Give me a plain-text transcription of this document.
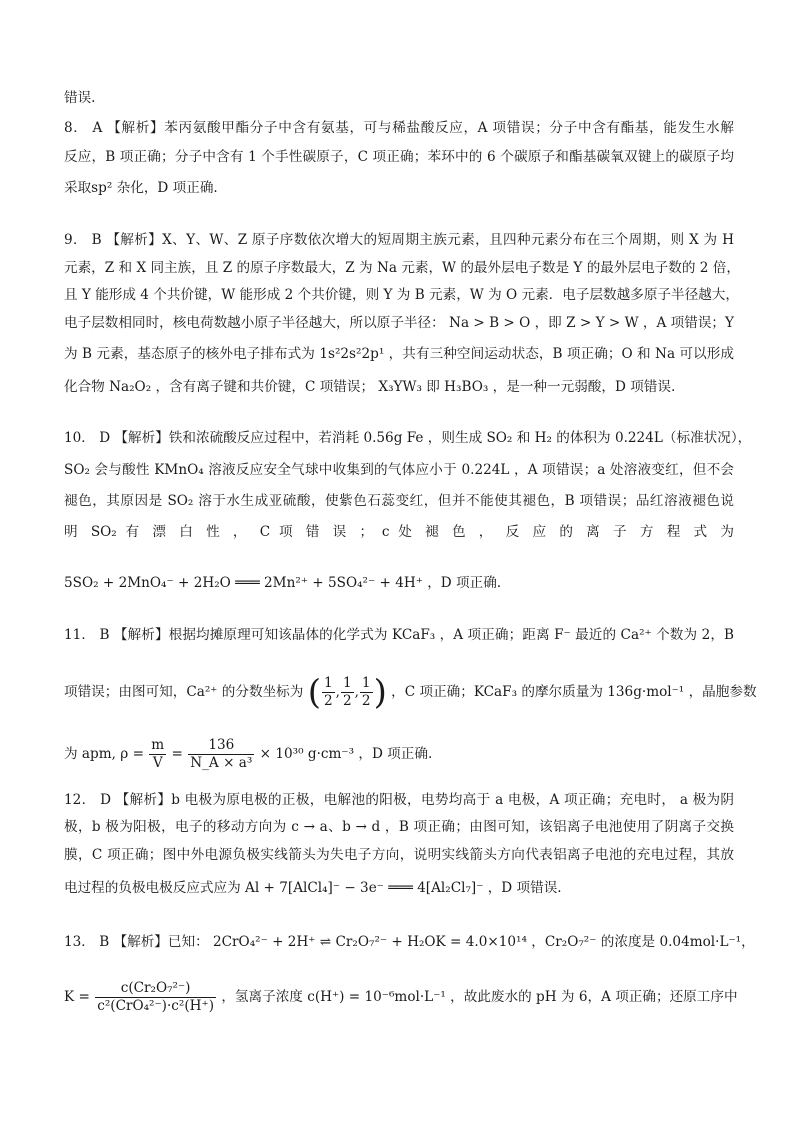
错误.
8． A 【解析】苯丙氨酸甲酯分子中含有氨基，可与稀盐酸反应，A 项错误；分子中含有酯基，能发生水解
反应，B 项正确；分子中含有 1 个手性碳原子，C 项正确；苯环中的 6 个碳原子和酯基碳氧双键上的碳原子均
采取sp² 杂化，D 项正确.
9． B 【解析】X、Y、W、Z 原子序数依次增大的短周期主族元素，且四种元素分布在三个周期，则 X 为 H
元素，Z 和 X 同主族，且 Z 的原子序数最大，Z 为 Na 元素，W 的最外层电子数是 Y 的最外层电子数的 2 倍，
且 Y 能形成 4 个共价键，W 能形成 2 个共价键，则 Y 为 B 元素，W 为 O 元素．电子层数越多原子半径越大，
电子层数相同时，核电荷数越小原子半径越大，所以原子半径： Na > B > O ，即 Z > Y > W ，A 项错误；Y
为 B 元素，基态原子的核外电子排布式为 1s²2s²2p¹ ，共有三种空间运动状态，B 项正确；O 和 Na 可以形成
化合物 Na₂O₂ ，含有离子键和共价键，C 项错误； X₃YW₃ 即 H₃BO₃ ，是一种一元弱酸，D 项错误.
10． D 【解析】铁和浓硫酸反应过程中，若消耗 0.56g Fe ，则生成 SO₂ 和 H₂ 的体积为 0.224L（标准状况），
SO₂ 会与酸性 KMnO₄ 溶液反应安全气球中收集到的气体应小于 0.224L ，A 项错误；a 处溶液变红，但不会
褪色，其原因是 SO₂ 溶于水生成亚硫酸，使紫色石蕊变红，但并不能使其褪色，B 项错误；品红溶液褪色说
明 SO₂ 有 漂 白 性 ， C 项 错 误 ； c 处 褪 色 ， 反 应 的 离 子 方 程 式 为
5SO₂ + 2MnO₄⁻ + 2H₂O ═══ 2Mn²⁺ + 5SO₄²⁻ + 4H⁺ ，D 项正确.
11． B 【解析】根据均摊原理可知该晶体的化学式为 KCaF₃ ，A 项正确；距离 F⁻ 最近的 Ca²⁺ 个数为 2，B
项错误；由图可知，Ca²⁺ 的分数坐标为 ( $\frac{1}{2}$ , $\frac{1}{2}$ , $\frac{1}{2}$ ) ，C 项正确；KCaF₃ 的摩尔质量为 136g·mol⁻¹ ，晶胞参数
为 apm, $\rho = \frac{m}{V} = \frac{136}{\text{N\_A × a³}} \times 10^{30}$ g·cm⁻³ ，D 项正确.
12． D 【解析】b 电极为原电极的正极，电解池的阳极，电势均高于 a 电极，A 项正确；充电时， a 极为阴
极，b 极为阳极，电子的移动方向为 c → a、b → d ，B 项正确；由图可知，该铝离子电池使用了阴离子交换
膜，C 项正确；图中外电源负极实线箭头为失电子方向，说明实线箭头方向代表铝离子电池的充电过程，其放
电过程的负极电极反应式应为 Al + 7[AlCl₄]⁻ − 3e⁻ ═══ 4[Al₂Cl₇]⁻ ，D 项错误.
13． B 【解析】已知： 2CrO₄²⁻ + 2H⁺ ⇌ Cr₂O₇²⁻ + H₂OK = 4.0×10¹⁴ ，Cr₂O₇²⁻ 的浓度是 0.04mol·L⁻¹，
$K = \frac{\text{c(Cr₂O₇²⁻)}}{\text{c²(CrO₄²⁻)·c²(H⁺)}}$ ，氢离子浓度 c(H⁺) = 10⁻⁶mol·L⁻¹ ，故此废水的 pH 为 6，A 项正确；还原工序中
